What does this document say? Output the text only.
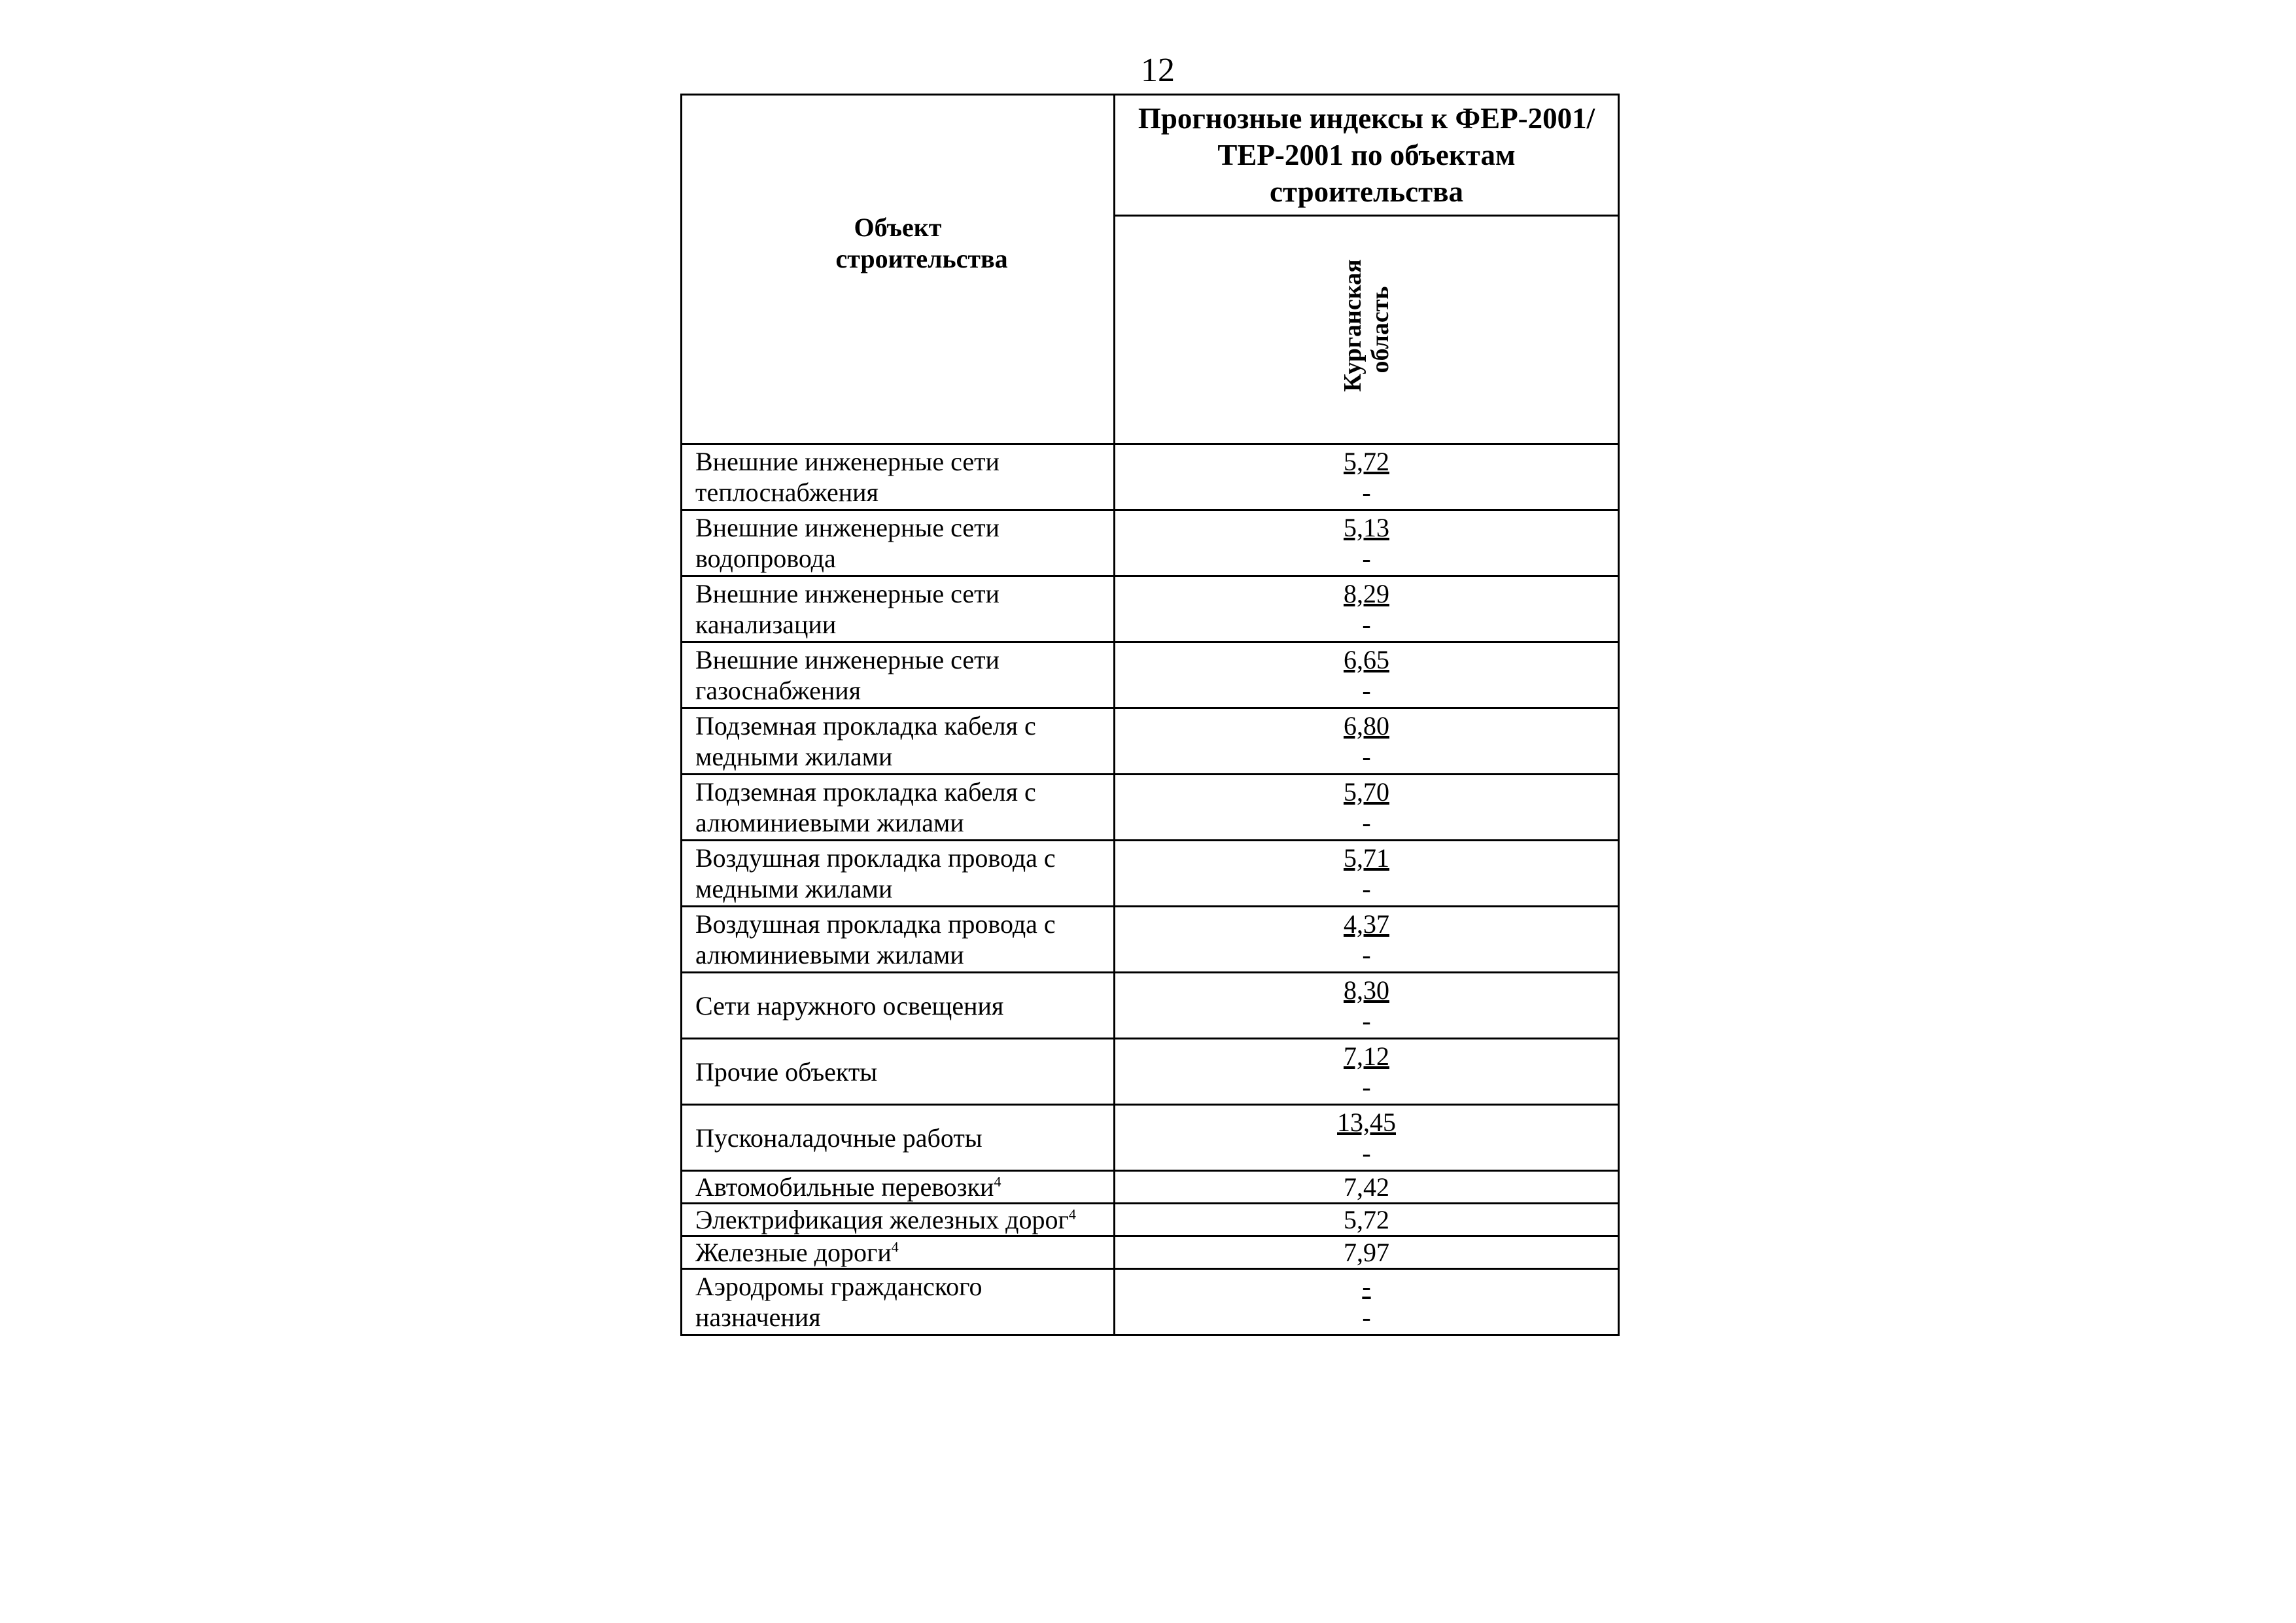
12
Объект строительства	Прогнозные индексы к ФЕР-2001/ТЕР-2001 по объектам строительства

	Курганская область

Внешние инженерные сети теплоснабжения	5,72
-

Внешние инженерные сети водопровода	5,13
-

Внешние инженерные сети канализации	8,29
-

Внешние инженерные сети газоснабжения	6,65
-

Подземная прокладка кабеля с медными жилами	6,80
-

Подземная прокладка кабеля с алюминиевыми жилами	5,70
-

Воздушная прокладка провода с медными жилами	5,71
-

Воздушная прокладка провода с алюминиевыми жилами	4,37
-

Сети наружного освещения	8,30
-

Прочие объекты	7,12
-

Пусконаладочные работы	13,45
-

Автомобильные перевозки$^4$	7,42

Электрификация железных дорог$^4$	5,72

Железные дороги$^4$	7,97

Аэродромы гражданского назначения	-
-
